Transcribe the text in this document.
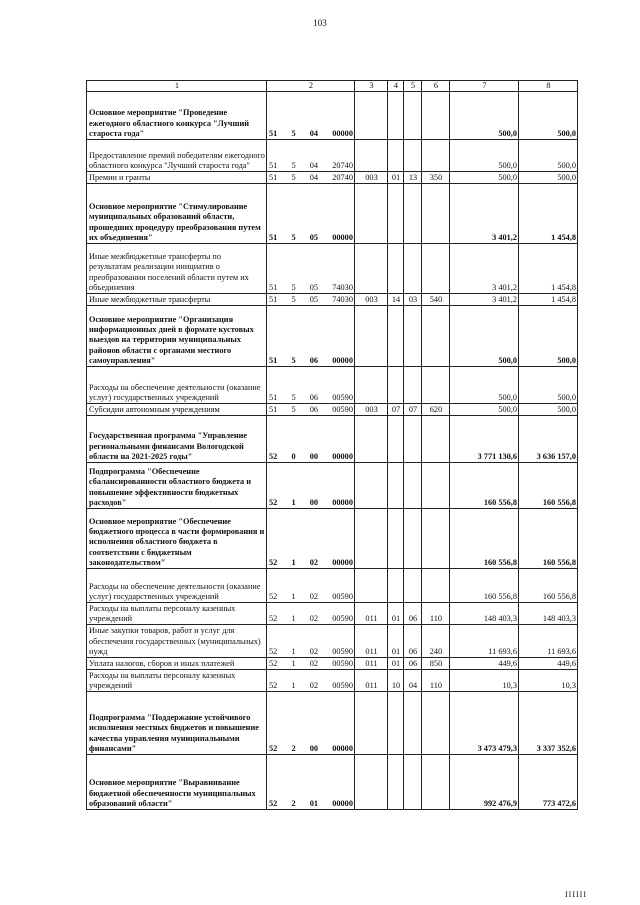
103
1	2	3	4	5	6	7	8
Основное мероприятие "Проведение ежегодного областного конкурса "Лучший староста года"	51 5 04 00000					500,0	500,0
Предоставление премий победителям ежегодного областного конкурса "Лучший староста года"	51 5 04 20740					500,0	500,0
Премии и гранты	51 5 04 20740	003	01	13	350	500,0	500,0
Основное мероприятие "Стимулирование муниципальных образований области, прошедших процедуру преобразования путем их объединения"	51 5 05 00000					3 401,2	1 454,8
Иные межбюджетные трансферты по результатам реализации инициатив о преобразовании поселений области путем их объединения	51 5 05 74030					3 401,2	1 454,8
Иные межбюджетные трансферты	51 5 05 74030	003	14	03	540	3 401,2	1 454,8
Основное мероприятие "Организация информационных дней в формате кустовых выездов на территории муниципальных районов области с органами местного самоуправления"	51 5 06 00000					500,0	500,0
Расходы на обеспечение деятельности (оказание услуг) государственных учреждений	51 5 06 00590					500,0	500,0
Субсидии автономным учреждениям	51 5 06 00590	003	07	07	620	500,0	500,0
Государственная программа "Управление региональными финансами Вологодской области на 2021-2025 годы"	52 0 00 00000					3 771 130,6	3 636 157,0
Подпрограмма "Обеспечение сбалансированности областного бюджета и повышение эффективности бюджетных расходов"	52 1 00 00000					160 556,8	160 556,8
Основное мероприятие "Обеспечение бюджетного процесса в части формирования и исполнения областного бюджета в соответствии с бюджетным законодательством"	52 1 02 00000					160 556,8	160 556,8
Расходы на обеспечение деятельности (оказание услуг) государственных учреждений	52 1 02 00590					160 556,8	160 556,8
Расходы на выплаты персоналу казенных учреждений	52 1 02 00590	011	01	06	110	148 403,3	148 403,3
Иные закупки товаров, работ и услуг для обеспечения государственных (муниципальных) нужд	52 1 02 00590	011	01	06	240	11 693,6	11 693,6
Уплата налогов, сборов и иных платежей	52 1 02 00590	011	01	06	850	449,6	449,6
Расходы на выплаты персоналу казенных учреждений	52 1 02 00590	011	10	04	110	10,3	10,3
Подпрограмма "Поддержание устойчивого исполнения местных бюджетов и повышение качества управления муниципальными финансами"	52 2 00 00000					3 473 479,3	3 337 352,6
Основное мероприятие "Выравнивание бюджетной обеспеченности муниципальных образований области"	52 2 01 00000					992 476,9	773 472,6
IIIIII
